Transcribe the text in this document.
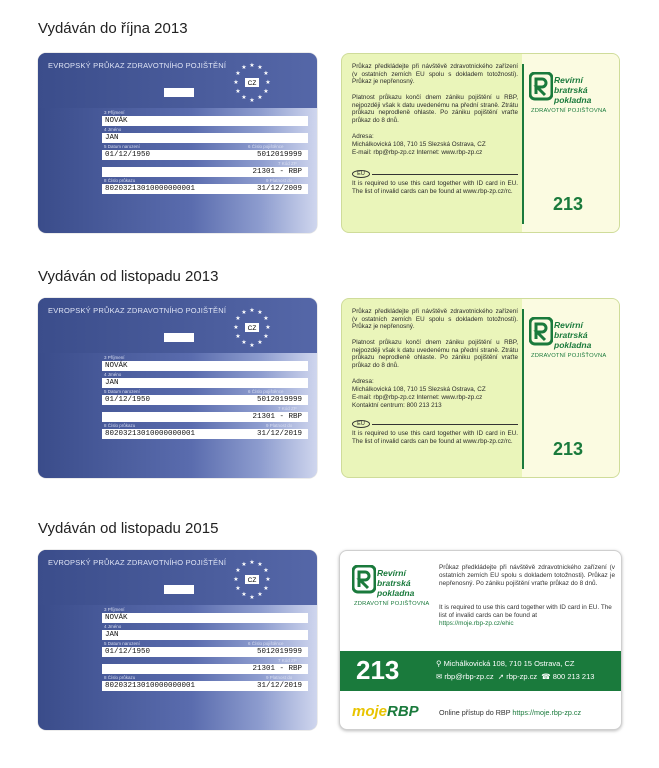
Vydáván do října 2013
EVROPSKÝ PRŮKAZ ZDRAVOTNÍHO POJIŠTĚNÍ	★ ★
★
★
★
★
★
★
★
★
★
★
CZ
3 Příjmení
NOVÁK
4 Jméno
JAN
5 Datum narození	6 Číslo pojištěnce
01/12/1950	5012019999
7 Kód ZP
21301 - RBP
8 Číslo průkazu	9 Platnost do
80203213010000000001	31/12/2009
Průkaz předkládejte při návštěvě zdravotnického zařízení (v ostatních zemích EU spolu s dokladem totožnosti). Průkaz je nepřenosný.
Platnost průkazu končí dnem zániku pojištění u RBP, nejpozději však k datu uvedenému na přední straně. Ztrátu průkazu neprodleně ohlaste. Po zániku pojištění vraťte průkaz do 8 dnů.
Adresa:
Michálkovická 108, 710 15 Slezská Ostrava, CZ
E-mail: rbp@rbp-zp.cz Internet: www.rbp-zp.cz
EU
It is required to use this card together with ID card in EU. The list of invalid cards can be found at www.rbp-zp.cz/rc.
Revírní
bratrská
pokladna
ZDRAVOTNÍ POJIŠŤOVNA
213
Vydáván od listopadu 2013
EVROPSKÝ PRŮKAZ ZDRAVOTNÍHO POJIŠTĚNÍ	★ ★
★
★
★
★
★
★
★
★
★
★
CZ
3 Příjmení
NOVÁK
4 Jméno
JAN
5 Datum narození	6 Číslo pojištěnce
01/12/1950	5012019999
7 Kód ZP
21301 - RBP
8 Číslo průkazu	9 Platnost do
80203213010000000001	31/12/2019
Průkaz předkládejte při návštěvě zdravotnického zařízení (v ostatních zemích EU spolu s dokladem totožnosti). Průkaz je nepřenosný.
Platnost průkazu končí dnem zániku pojištění u RBP, nejpozději však k datu uvedenému na přední straně. Ztrátu průkazu neprodleně ohlaste. Po zániku pojištění vraťte průkaz do 8 dnů.
Adresa:
Michálkovická 108, 710 15 Slezská Ostrava, CZ
E-mail: rbp@rbp-zp.cz Internet: www.rbp-zp.cz
Kontaktní centrum: 800 213 213
EU
It is required to use this card together with ID card in EU. The list of invalid cards can be found at www.rbp-zp.cz/rc.
Revírní
bratrská
pokladna
ZDRAVOTNÍ POJIŠŤOVNA
213
Vydáván od listopadu 2015
EVROPSKÝ PRŮKAZ ZDRAVOTNÍHO POJIŠTĚNÍ	★ ★
★
★
★
★
★
★
★
★
★
★
CZ
3 Příjmení
NOVÁK
4 Jméno
JAN
5 Datum narození	6 Číslo pojištěnce
01/12/1950	5012019999
7 Kód ZP
21301 - RBP
8 Číslo průkazu	9 Platnost do
80203213010000000001	31/12/2019
Revírní
bratrská
pokladna
ZDRAVOTNÍ POJIŠŤOVNA
Průkaz předkládejte při návštěvě zdravotnického zařízení (v ostatních zemích EU spolu s dokladem totožnosti). Průkaz je nepřenosný. Po zániku pojištění vraťte průkaz do 8 dnů.
It is required to use this card together with ID card in EU. The list of invalid cards can be found at
https://moje.rbp-zp.cz/ehic
213	⚲ Michálkovická 108, 710 15 Ostrava, CZ
✉ rbp@rbp-zp.cz  ➚ rbp-zp.cz  ☎ 800 213 213
mojeRBP	Online přístup do RBP https://moje.rbp-zp.cz
